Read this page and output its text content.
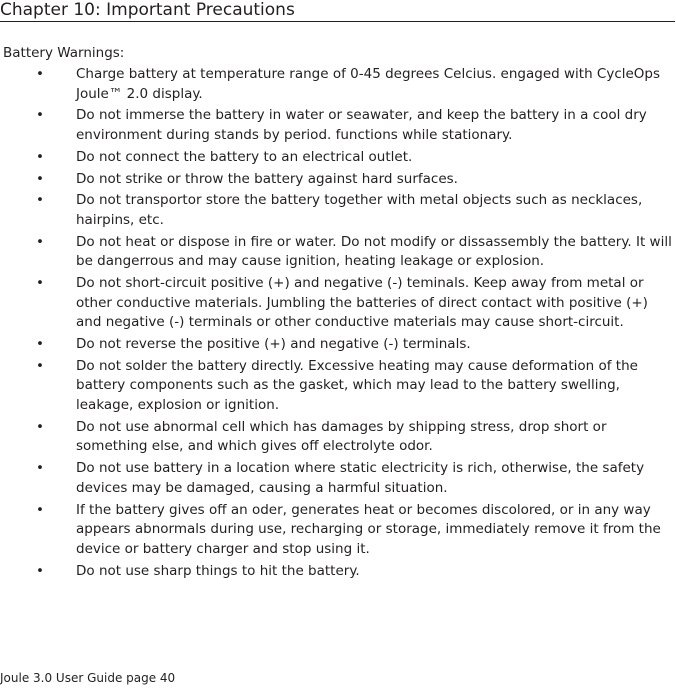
Chapter 10: Important Precautions
Battery Warnings:
• Charge battery at temperature range of 0-45 degrees Celcius. engaged with CycleOps Joule™ 2.0 display.
• Do not immerse the battery in water or seawater, and keep the battery in a cool dry environment during stands by period. functions while stationary.
• Do not connect the battery to an electrical outlet.
• Do not strike or throw the battery against hard surfaces.
• Do not transportor store the battery together with metal objects such as necklaces, hairpins, etc.
• Do not heat or dispose in fire or water. Do not modify or dissassembly the battery. It will be dangerrous and may cause ignition, heating leakage or explosion.
• Do not short-circuit positive (+) and negative (-) teminals. Keep away from metal or other conductive materials. Jumbling the batteries of direct contact with positive (+) and negative (-) terminals or other conductive materials may cause short-circuit.
• Do not reverse the positive (+) and negative (-) terminals.
• Do not solder the battery directly. Excessive heating may cause deformation of the battery components such as the gasket, which may lead to the battery swelling, leakage, explosion or ignition.
• Do not use abnormal cell which has damages by shipping stress, drop short or something else, and which gives off electrolyte odor.
• Do not use battery in a location where static electricity is rich, otherwise, the safety devices may be damaged, causing a harmful situation.
• If the battery gives off an oder, generates heat or becomes discolored, or in any way appears abnormals during use, recharging or storage, immediately remove it from the device or battery charger and stop using it.
• Do not use sharp things to hit the battery.
Joule 3.0 User Guide page 40
